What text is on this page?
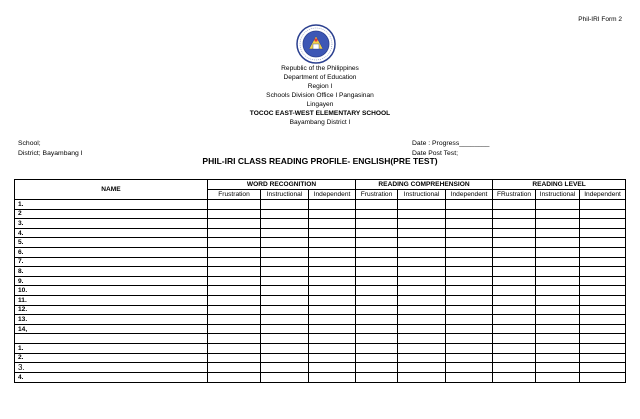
Phil-IRI Form 2
Republic of the Philippines
Department of Education
Region I
Schools Division Office I Pangasinan
Lingayen
TOCOC EAST-WEST ELEMENTARY SCHOOL
Bayambang District I
School;
District; Bayambang I
Date : Progress________
Date Post Test;
PHIL-IRI CLASS READING PROFILE- ENGLISH(PRE TEST)
NAME	WORD RECOGNITION			READING COMPREHENSION			READING LEVEL		
	Frustration	Instructional	Independent	Frustration	Instructional	Independent	FRustration	Instructional	Independent
1.									
2									
3.									
4.									
5.									
6.									
7.									
8.									
9.									
10.									
11.									
12.									
13.									
14,									

1.									
2.									
3.									
4.									
